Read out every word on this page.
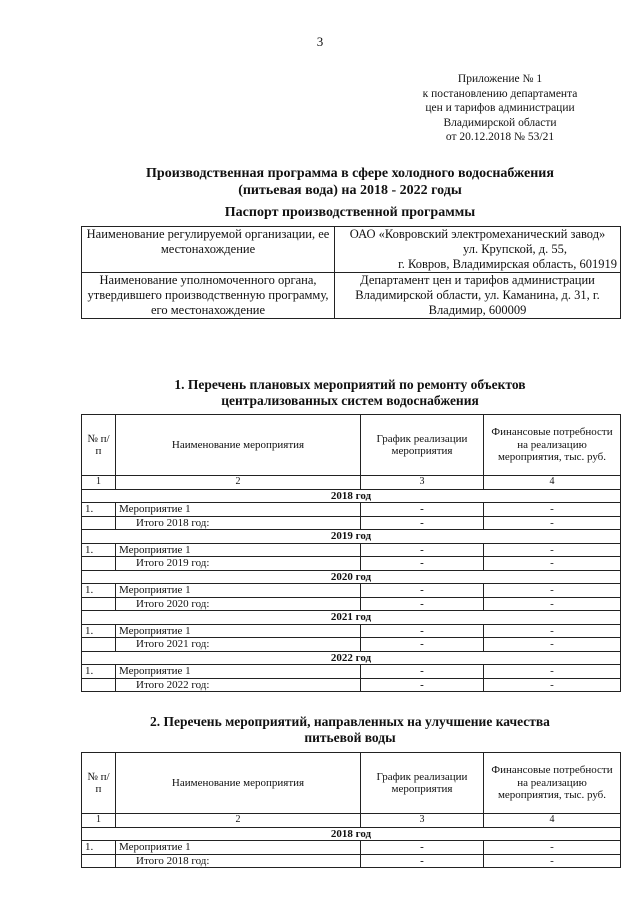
3
Приложение № 1
к постановлению департамента
цен и тарифов администрации
Владимирской области
от 20.12.2018 № 53/21
Производственная программа в сфере холодного водоснабжения
(питьевая вода) на 2018 - 2022 годы
Паспорт производственной программы
Наименование регулируемой организации, ее местонахождение	ОАО «Ковровский электромеханический завод»
ул. Крупской, д. 55,
г. Ковров, Владимирская область, 601919

Наименование уполномоченного органа, утвердившего производственную программу, его местонахождение	Департамент цен и тарифов администрации Владимирской области, ул. Каманина, д. 31, г. Владимир, 600009
1. Перечень плановых мероприятий по ремонту объектов
централизованных систем водоснабжения
№ п/п	Наименование мероприятия	График реализации мероприятия	Финансовые потребности на реализацию мероприятия, тыс. руб.
1	2	3	4
2018 год			
1.	Мероприятие 1	-	-
	Итого 2018 год:	-	-
2019 год			
1.	Мероприятие 1	-	-
	Итого 2019 год:	-	-
2020 год			
1.	Мероприятие 1	-	-
	Итого 2020 год:	-	-
2021 год			
1.	Мероприятие 1	-	-
	Итого 2021 год:	-	-
2022 год			
1.	Мероприятие 1	-	-
	Итого 2022 год:	-	-
2. Перечень мероприятий, направленных на улучшение качества
питьевой воды
№ п/п	Наименование мероприятия	График реализации мероприятия	Финансовые потребности на реализацию мероприятия, тыс. руб.
1	2	3	4
2018 год			
1.	Мероприятие 1	-	-
	Итого 2018 год:	-	-
